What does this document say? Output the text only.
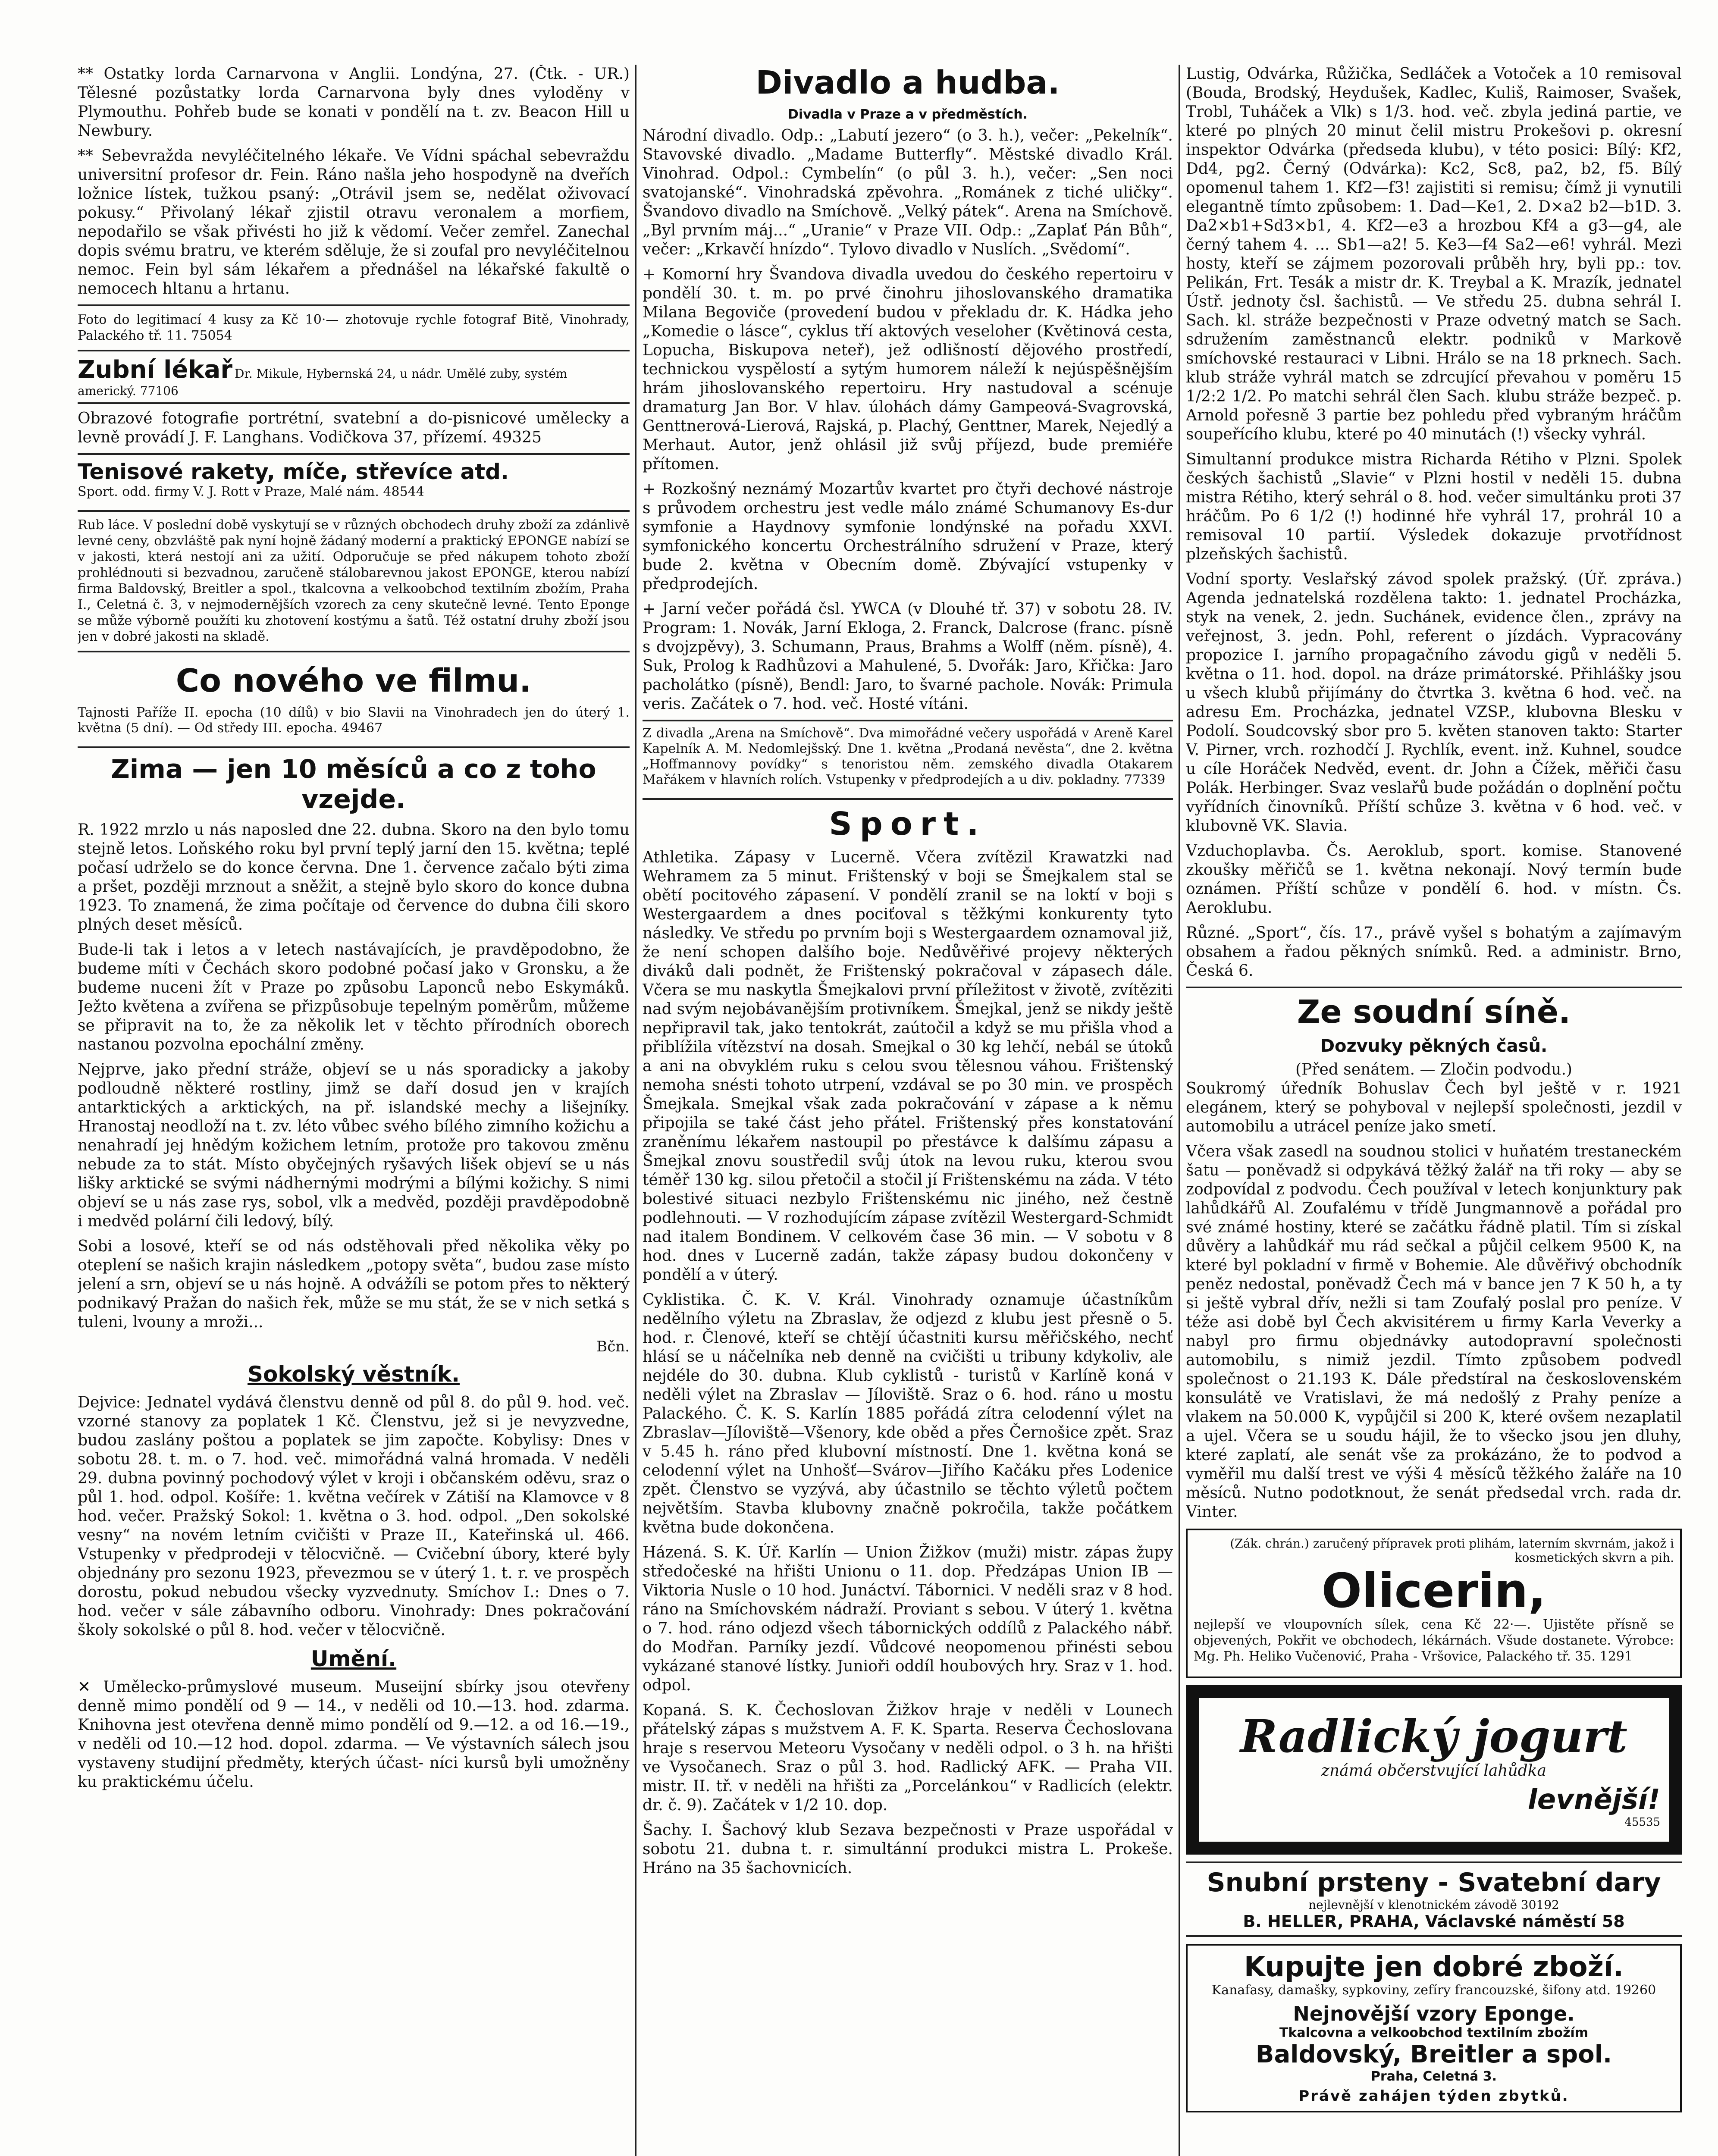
** Ostatky lorda Carnarvona v Anglii. Londýna, 27. (Čtk. - UR.) Tělesné pozůstatky lorda Carnarvona byly dnes vyloděny v Plymouthu. Pohřeb bude se konati v pondělí na t. zv. Beacon Hill u Newbury.

** Sebevražda nevyléčitelného lékaře. Ve Vídni spáchal sebevraždu universitní profesor dr. Fein. Ráno našla jeho hospodyně na dveřích ložnice lístek, tužkou psaný: „Otrávil jsem se, nedělat oživovací pokusy.“ Přivolaný lékař zjistil otravu veronalem a morfiem, nepodařilo se však přivésti ho již k vědomí. Večer zemřel. Zanechal dopis svému bratru, ve kterém sděluje, že si zoufal pro nevyléčitelnou nemoc. Fein byl sám lékařem a přednášel na lékařské fakultě o nemocech hltanu a hrtanu.

Foto do legitimací 4 kusy za Kč 10·— zhotovuje rychle fotograf Bitě, Vinohrady, Palackého tř. 11. 75054

Zubní lékař Dr. Mikule, Hybernská 24, u nádr. Umělé zuby, systém americký. 77106

Obrazové fotografie portrétní, svatební a do-pisnicové umělecky a levně provádí J. F. Langhans. Vodičkova 37, přízemí. 49325

Tenisové rakety, míče, střevíce atd.

Sport. odd. firmy V. J. Rott v Praze, Malé nám. 48544

Rub láce. V poslední době vyskytují se v různých obchodech druhy zboží za zdánlivě levné ceny, obzvláště pak nyní hojně žádaný moderní a praktický EPONGE nabízí se v jakosti, která nestojí ani za užití. Odporučuje se před nákupem tohoto zboží prohlédnouti si bezvadnou, zaručeně stálobarevnou jakost EPONGE, kterou nabízí firma Baldovský, Breitler a spol., tkalcovna a velkoobchod textilním zbožím, Praha I., Celetná č. 3, v nejmodernějších vzorech za ceny skutečně levné. Tento Eponge se může výborně použíti ku zhotovení kostýmu a šatů. Též ostatní druhy zboží jsou jen v dobré jakosti na skladě.

Co nového ve filmu.

Tajnosti Paříže II. epocha (10 dílů) v bio Slavii na Vinohradech jen do úterý 1. května (5 dní). — Od středy III. epocha. 49467

Zima — jen 10 měsíců a co z toho vzejde.

R. 1922 mrzlo u nás naposled dne 22. dubna. Skoro na den bylo tomu stejně letos. Loňského roku byl první teplý jarní den 15. května; teplé počasí udrželo se do konce června. Dne 1. července začalo býti zima a pršet, později mrznout a sněžit, a stejně bylo skoro do konce dubna 1923. To znamená, že zima počítaje od července do dubna čili skoro plných deset měsíců.

Bude-li tak i letos a v letech nastávajících, je pravděpodobno, že budeme míti v Čechách skoro podobné počasí jako v Gronsku, a že budeme nuceni žít v Praze po způsobu Laponců nebo Eskymáků. Ježto květena a zvířena se přizpůsobuje tepelným poměrům, můžeme se připravit na to, že za několik let v těchto přírodních oborech nastanou pozvolna epochální změny.

Nejprve, jako přední stráže, objeví se u nás sporadicky a jakoby podloudně některé rostliny, jimž se daří dosud jen v krajích antarktických a arktických, na př. islandské mechy a lišejníky. Hranostaj neodloží na t. zv. léto vůbec svého bílého zimního kožichu a nenahradí jej hnědým kožichem letním, protože pro takovou změnu nebude za to stát. Místo obyčejných ryšavých lišek objeví se u nás lišky arktické se svými nádhernými modrými a bílými kožichy. S nimi objeví se u nás zase rys, sobol, vlk a medvěd, později pravděpodobně i medvěd polární čili ledový, bílý.

Sobi a losové, kteří se od nás odstěhovali před několika věky po oteplení se našich krajin následkem „potopy světa“, budou zase místo jelení a srn, objeví se u nás hojně. A odvážíli se potom přes to některý podnikavý Pražan do našich řek, může se mu stát, že se v nich setká s tuleni, lvouny a mroži...

Bčn.
Sokolský věstník.

Dejvice: Jednatel vydává členstvu denně od půl 8. do půl 9. hod. več. vzorné stanovy za poplatek 1 Kč. Členstvu, jež si je nevyzvedne, budou zaslány poštou a poplatek se jim započte. Kobylisy: Dnes v sobotu 28. t. m. o 7. hod. več. mimořádná valná hromada. V neděli 29. dubna povinný pochodový výlet v kroji i občanském oděvu, sraz o půl 1. hod. odpol. Košíře: 1. května večírek v Zátiší na Klamovce v 8 hod. večer. Pražský Sokol: 1. května o 3. hod. odpol. „Den sokolské vesny“ na novém letním cvičišti v Praze II., Kateřinská ul. 466. Vstupenky v předprodeji v tělocvičně. — Cvičební úbory, které byly objednány pro sezonu 1923, převezmou se v úterý 1. t. r. ve prospěch dorostu, pokud nebudou všecky vyzvednuty. Smíchov I.: Dnes o 7. hod. večer v sále zábavního odboru. Vinohrady: Dnes pokračování školy sokolské o půl 8. hod. večer v tělocvičně.

Umění.

✕ Umělecko-průmyslové museum. Museijní sbírky jsou otevřeny denně mimo pondělí od 9 — 14., v neděli od 10.—13. hod. zdarma. Knihovna jest otevřena denně mimo pondělí od 9.—12. a od 16.—19., v neděli od 10.—12 hod. dopol. zdarma. — Ve výstavních sálech jsou vystaveny studijní předměty, kterých účast- níci kursů byli umožněny ku praktickému účelu.

Divadlo a hudba.
Divadla v Praze a v předměstích.

Národní divadlo. Odp.: „Labutí jezero“ (o 3. h.), večer: „Pekelník“. Stavovské divadlo. „Madame Butterfly“. Městské divadlo Král. Vinohrad. Odpol.: Cymbelín“ (o půl 3. h.), večer: „Sen noci svatojanské“. Vinohradská zpěvohra. „Románek z tiché uličky“. Švandovo divadlo na Smíchově. „Velký pátek“. Arena na Smíchově. „Byl prvním máj...“ „Uranie“ v Praze VII. Odp.: „Zaplať Pán Bůh“, večer: „Krkavčí hnízdo“. Tylovo divadlo v Nuslích. „Svědomí“.

+ Komorní hry Švandova divadla uvedou do českého repertoiru v pondělí 30. t. m. po prvé činohru jihoslovanského dramatika Milana Begoviče (provedení budou v překladu dr. K. Hádka jeho „Komedie o lásce“, cyklus tří aktových veseloher (Květinová cesta, Lopucha, Biskupova neteř), jež odlišností dějového prostředí, technickou vyspělostí a sytým humorem náleží k nejúspěšnějším hrám jihoslovanského repertoiru. Hry nastudoval a scénuje dramaturg Jan Bor. V hlav. úlohách dámy Gampeová-Svagrovská, Genttnerová-Lierová, Rajská, p. Plachý, Genttner, Marek, Nejedlý a Merhaut. Autor, jenž ohlásil již svůj příjezd, bude premiéře přítomen.

+ Rozkošný neznámý Mozartův kvartet pro čtyři dechové nástroje s průvodem orchestru jest vedle málo známé Schumanovy Es-dur symfonie a Haydnovy symfonie londýnské na pořadu XXVI. symfonického koncertu Orchestrálního sdružení v Praze, který bude 2. května v Obecním domě. Zbývající vstupenky v předprodejích.

+ Jarní večer pořádá čsl. YWCA (v Dlouhé tř. 37) v sobotu 28. IV. Program: 1. Novák, Jarní Ekloga, 2. Franck, Dalcrose (franc. písně s dvojzpěvy), 3. Schumann, Praus, Brahms a Wolff (něm. písně), 4. Suk, Prolog k Radhůzovi a Mahulené, 5. Dvořák: Jaro, Křička: Jaro pacholátko (písně), Bendl: Jaro, to švarné pachole. Novák: Primula veris. Začátek o 7. hod. več. Hosté vítáni.

Z divadla „Arena na Smíchově“. Dva mimořádné večery uspořádá v Areně Karel Kapelník A. M. Nedomlejšský. Dne 1. května „Prodaná nevěsta“, dne 2. května „Hoffmannovy povídky“ s tenoristou něm. zemského divadla Otakarem Mařákem v hlavních rolích. Vstupenky v předprodejích a u div. pokladny. 77339

Sport.

Athletika. Zápasy v Lucerně. Včera zvítězil Krawatzki nad Wehramem za 5 minut. Frištenský v boji se Šmejkalem stal se obětí pocitového zápasení. V pondělí zranil se na loktí v boji s Westergaardem a dnes pociťoval s těžkými konkurenty tyto následky. Ve středu po prvním boji s Westergaardem oznamoval již, že není schopen dalšího boje. Nedůvěřivé projevy některých diváků dali podnět, že Frištenský pokračoval v zápasech dále. Včera se mu naskytla Šmejkalovi první příležitost v životě, zvítěziti nad svým nejobávanějším protivníkem. Šmejkal, jenž se nikdy ještě nepřipravil tak, jako tentokrát, zaútočil a když se mu přišla vhod a přiblížila vítězství na dosah. Smejkal o 30 kg lehčí, nebál se útoků a ani na obvyklém ruku s celou svou tělesnou váhou. Frištenský nemoha snésti tohoto utrpení, vzdával se po 30 min. ve prospěch Šmejkala. Smejkal však zada pokračování v zápase a k němu připojila se také část jeho přátel. Frištenský přes konstatování zraněnímu lékařem nastoupil po přestávce k dalšímu zápasu a Šmejkal znovu soustředil svůj útok na levou ruku, kterou svou téměř 130 kg. silou přetočil a stočil jí Frištenskému na záda. V této bolestivé situaci nezbylo Frištenskému nic jiného, než čestně podlehnouti. — V rozhodujícím zápase zvítězil Westergard-Schmidt nad italem Bondinem. V celkovém čase 36 min. — V sobotu v 8 hod. dnes v Lucerně zadán, takže zápasy budou dokončeny v pondělí a v úterý.

Cyklistika. Č. K. V. Král. Vinohrady oznamuje účastníkům nedělního výletu na Zbraslav, že odjezd z klubu jest přesně o 5. hod. r. Členové, kteří se chtějí účastniti kursu měřičského, nechť hlásí se u náčelníka neb denně na cvičišti u tribuny kdykoliv, ale nejdéle do 30. dubna. Klub cyklistů - turistů v Karlíně koná v neděli výlet na Zbraslav — Jíloviště. Sraz o 6. hod. ráno u mostu Palackého. Č. K. S. Karlín 1885 pořádá zítra celodenní výlet na Zbraslav—Jíloviště—Všenory, kde oběd a přes Černošice zpět. Sraz v 5.45 h. ráno před klubovní místností. Dne 1. května koná se celodenní výlet na Unhošť—Svárov—Jiřího Kačáku přes Lodenice zpět. Členstvo se vyzývá, aby účastnilo se těchto výletů počtem největším. Stavba klubovny značně pokročila, takže počátkem května bude dokončena.

Házená. S. K. Úř. Karlín — Union Žižkov (muži) mistr. zápas župy středočeské na hřišti Unionu o 11. dop. Předzápas Union IB — Viktoria Nusle o 10 hod. Junáctví. Tábornici. V neděli sraz v 8 hod. ráno na Smíchovském nádraží. Proviant s sebou. V úterý 1. května o 7. hod. ráno odjezd všech tábornických oddílů z Palackého nábř. do Modřan. Parníky jezdí. Vůdcové neopomenou přinésti sebou vykázané stanové lístky. Junioři oddíl houbových hry. Sraz v 1. hod. odpol.

Kopaná. S. K. Čechoslovan Žižkov hraje v neděli v Lounech přátelský zápas s mužstvem A. F. K. Sparta. Reserva Čechoslovana hraje s reservou Meteoru Vysočany v neděli odpol. o 3 h. na hřišti ve Vysočanech. Sraz o půl 3. hod. Radlický AFK. — Praha VII. mistr. II. tř. v neděli na hřišti za „Porcelánkou“ v Radlicích (elektr. dr. č. 9). Začátek v 1/2 10. dop.

Šachy. I. Šachový klub Sezava bezpečnosti v Praze uspořádal v sobotu 21. dubna t. r. simultánní produkci mistra L. Prokeše. Hráno na 35 šachovnicích.

Lustig, Odvárka, Růžička, Sedláček a Votoček a 10 remisoval (Bouda, Brodský, Heydušek, Kadlec, Kuliš, Raimoser, Svašek, Trobl, Tuháček a Vlk) s 1/3. hod. več. zbyla jediná partie, ve které po plných 20 minut čelil mistru Prokešovi p. okresní inspektor Odvárka (předseda klubu), v této posici: Bílý: Kf2, Dd4, pg2. Černý (Odvárka): Kc2, Sc8, pa2, b2, f5. Bílý opomenul tahem 1. Kf2—f3! zajistiti si remisu; čímž ji vynutili elegantně tímto způsobem: 1. Dad—Ke1, 2. D×a2 b2—b1D. 3. Da2×b1+Sd3×b1, 4. Kf2—e3 a hrozbou Kf4 a g3—g4, ale černý tahem 4. ... Sb1—a2! 5. Ke3—f4 Sa2—e6! vyhrál. Mezi hosty, kteří se zájmem pozorovali průběh hry, byli pp.: tov. Pelikán, Frt. Tesák a mistr dr. K. Treybal a K. Mrazík, jednatel Ústř. jednoty čsl. šachistů. — Ve středu 25. dubna sehrál I. Sach. kl. stráže bezpečnosti v Praze odvetný match se Sach. sdružením zaměstnanců elektr. podniků v Markově smíchovské restauraci v Libni. Hrálo se na 18 prknech. Sach. klub stráže vyhrál match se zdrcující převahou v poměru 15 1/2:2 1/2. Po matchi sehrál člen Sach. klubu stráže bezpeč. p. Arnold pořesně 3 partie bez pohledu před vybraným hráčům soupeřícího klubu, které po 40 minutách (!) všecky vyhrál.

Simultanní produkce mistra Richarda Rétiho v Plzni. Spolek českých šachistů „Slavie“ v Plzni hostil v neděli 15. dubna mistra Rétiho, který sehrál o 8. hod. večer simultánku proti 37 hráčům. Po 6 1/2 (!) hodinné hře vyhrál 17, prohrál 10 a remisoval 10 partií. Výsledek dokazuje prvotřídnost plzeňských šachistů.

Vodní sporty. Veslařský závod spolek pražský. (Úř. zpráva.) Agenda jednatelská rozdělena takto: 1. jednatel Procházka, styk na venek, 2. jedn. Suchánek, evidence člen., zprávy na veřejnost, 3. jedn. Pohl, referent o jízdách. Vypracovány propozice I. jarního propagačního závodu gigů v neděli 5. května o 11. hod. dopol. na dráze primátorské. Přihlášky jsou u všech klubů přijímány do čtvrtka 3. května 6 hod. več. na adresu Em. Procházka, jednatel VZSP., klubovna Blesku v Podolí. Soudcovský sbor pro 5. květen stanoven takto: Starter V. Pirner, vrch. rozhodčí J. Rychlík, event. inž. Kuhnel, soudce u cíle Horáček Nedvěd, event. dr. John a Čížek, měřiči času Polák. Herbinger. Svaz veslařů bude požádán o doplnění počtu vyřídních činovníků. Příští schůze 3. května v 6 hod. več. v klubovně VK. Slavia.

Vzduchoplavba. Čs. Aeroklub, sport. komise. Stanovené zkoušky měřičů se 1. května nekonají. Nový termín bude oznámen. Příští schůze v pondělí 6. hod. v místn. Čs. Aeroklubu.

Různé. „Sport“, čís. 17., právě vyšel s bohatým a zajímavým obsahem a řadou pěkných snímků. Red. a administr. Brno, Česká 6.

Ze soudní síně.
Dozvuky pěkných časů.
(Před senátem. — Zločin podvodu.)

Soukromý úředník Bohuslav Čech byl ještě v r. 1921 elegánem, který se pohyboval v nejlepší společnosti, jezdil v automobilu a utrácel peníze jako smetí.

Včera však zasedl na soudnou stolici v huňatém trestaneckém šatu — poněvadž si odpykává těžký žalář na tři roky — aby se zodpovídal z podvodu. Čech používal v letech konjunktury pak lahůdkářů Al. Zoufalému v třídě Jungmannově a pořádal pro své známé hostiny, které se začátku řádně platil. Tím si získal důvěry a lahůdkář mu rád sečkal a půjčil celkem 9500 K, na které byl pokladní v firmě v Bohemie. Ale důvěřivý obchodník peněz nedostal, poněvadž Čech má v bance jen 7 K 50 h, a ty si ještě vybral dřív, nežli si tam Zoufalý poslal pro peníze. V téže asi době byl Čech akvisitérem u firmy Karla Veverky a nabyl pro firmu objednávky autodopravní společnosti automobilu, s nimiž jezdil. Tímto způsobem podvedl společnost o 21.193 K. Dále předstíral na československém konsulátě ve Vratislavi, že má nedošlý z Prahy peníze a vlakem na 50.000 K, vypůjčil si 200 K, které ovšem nezaplatil a ujel. Včera se u soudu hájil, že to všecko jsou jen dluhy, které zaplatí, ale senát vše za prokázáno, že to podvod a vyměřil mu další trest ve výši 4 měsíců těžkého žaláře na 10 měsíců. Nutno podotknout, že senát předsedal vrch. rada dr. Vinter.

(Zák. chrán.) zaručený přípravek proti plihám, laterním skvrnám, jakož i kosmetických skvrn a pih.
Olicerin,

nejlepší ve vloupovních sílek, cena Kč 22·—. Ujistěte přísně se objevených, Pokřit ve obchodech, lékárnách. Všude dostanete. Výrobce: Mg. Ph. Heliko Vučenović, Praha - Vršovice, Palackého tř. 35. 1291

Radlický jogurt
známá občerstvující lahůdka
levnější!
45535
Snubní prsteny - Svatební dary
nejlevnější v klenotnickém závodě 30192
B. HELLER, PRAHA, Václavské náměstí 58
Kupujte jen dobré zboží.
Kanafasy, damašky, sypkoviny, zefíry francouzské, šifony atd. 19260
Nejnovější vzory Eponge.
Tkalcovna a velkoobchod textilním zbožím
Baldovský, Breitler a spol.
Praha, Celetná 3.
Právě zahájen týden zbytků.
